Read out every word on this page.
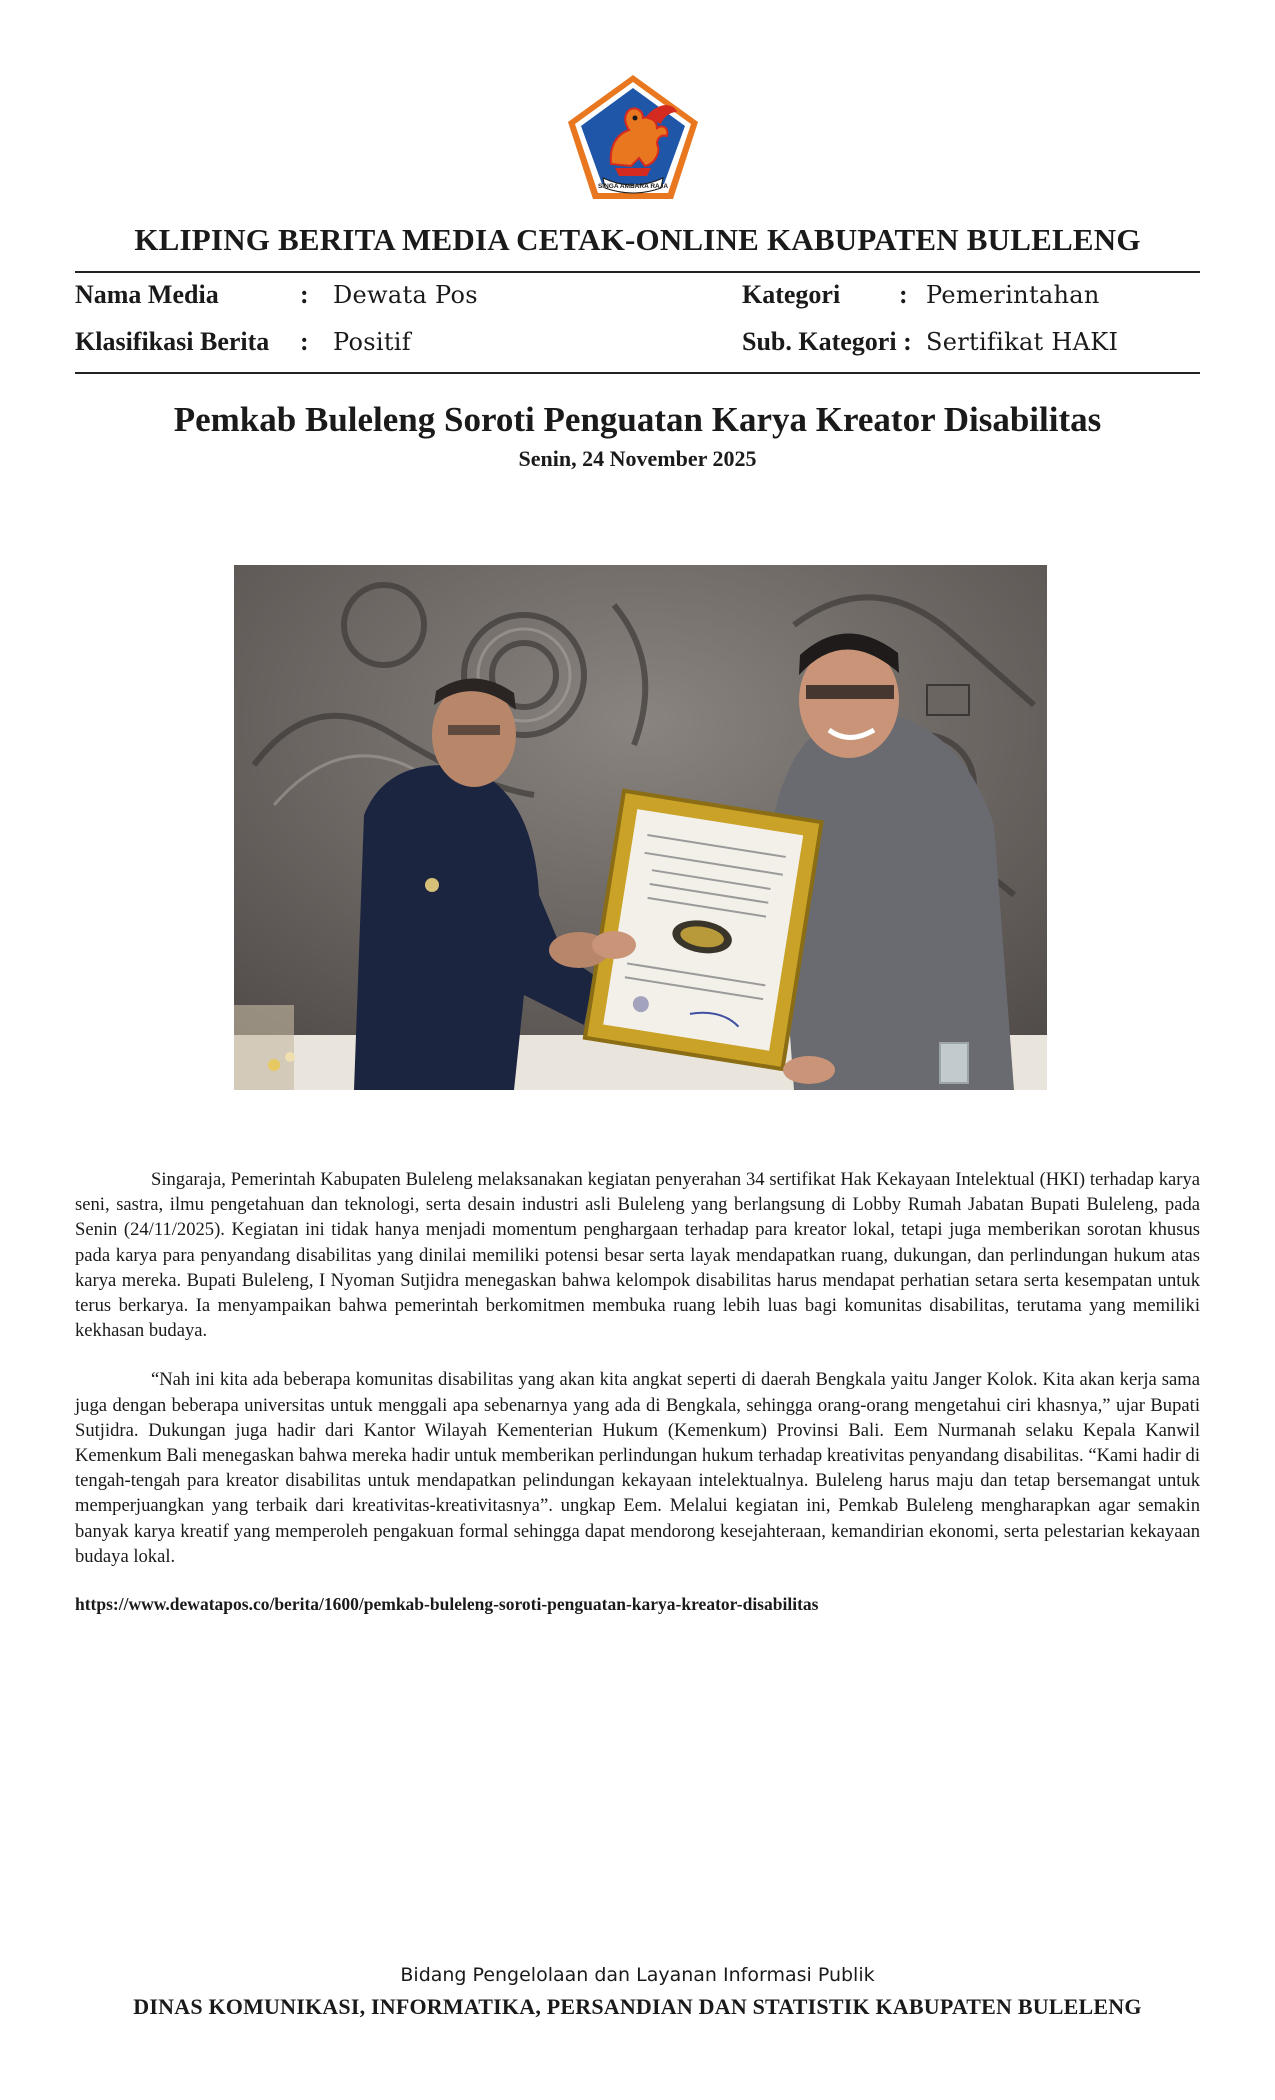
SINGA AMBARA RAJA
KLIPING BERITA MEDIA CETAK-ONLINE KABUPATEN BULELENG
Nama Media	: Dewata Pos	Kategori : Pemerintahan
Klasifikasi Berita : Positif	Sub. Kategori : Sertifikat HAKI
Pemkab Buleleng Soroti Penguatan Karya Kreator Disabilitas
Senin, 24 November 2025

Singaraja, Pemerintah Kabupaten Buleleng melaksanakan kegiatan penyerahan 34 sertifikat Hak Kekayaan Intelektual (HKI) terhadap karya seni, sastra, ilmu pengetahuan dan teknologi, serta desain industri asli Buleleng yang berlangsung di Lobby Rumah Jabatan Bupati Buleleng, pada Senin (24/11/2025). Kegiatan ini tidak hanya menjadi momentum penghargaan terhadap para kreator lokal, tetapi juga memberikan sorotan khusus pada karya para penyandang disabilitas yang dinilai memiliki potensi besar serta layak mendapatkan ruang, dukungan, dan perlindungan hukum atas karya mereka. Bupati Buleleng, I Nyoman Sutjidra menegaskan bahwa kelompok disabilitas harus mendapat perhatian setara serta kesempatan untuk terus berkarya. Ia menyampaikan bahwa pemerintah berkomitmen membuka ruang lebih luas bagi komunitas disabilitas, terutama yang memiliki kekhasan budaya.

“Nah ini kita ada beberapa komunitas disabilitas yang akan kita angkat seperti di daerah Bengkala yaitu Janger Kolok. Kita akan kerja sama juga dengan beberapa universitas untuk menggali apa sebenarnya yang ada di Bengkala, sehingga orang-orang mengetahui ciri khasnya,” ujar Bupati Sutjidra. Dukungan juga hadir dari Kantor Wilayah Kementerian Hukum (Kemenkum) Provinsi Bali. Eem Nurmanah selaku Kepala Kanwil Kemenkum Bali menegaskan bahwa mereka hadir untuk memberikan perlindungan hukum terhadap kreativitas penyandang disabilitas. “Kami hadir di tengah-tengah para kreator disabilitas untuk mendapatkan pelindungan kekayaan intelektualnya. Buleleng harus maju dan tetap bersemangat untuk memperjuangkan yang terbaik dari kreativitas-kreativitasnya”. ungkap Eem. Melalui kegiatan ini, Pemkab Buleleng mengharapkan agar semakin banyak karya kreatif yang memperoleh pengakuan formal sehingga dapat mendorong kesejahteraan, kemandirian ekonomi, serta pelestarian kekayaan budaya lokal.

https://www.dewatapos.co/berita/1600/pemkab-buleleng-soroti-penguatan-karya-kreator-disabilitas
Bidang Pengelolaan dan Layanan Informasi Publik
DINAS KOMUNIKASI, INFORMATIKA, PERSANDIAN DAN STATISTIK KABUPATEN BULELENG
